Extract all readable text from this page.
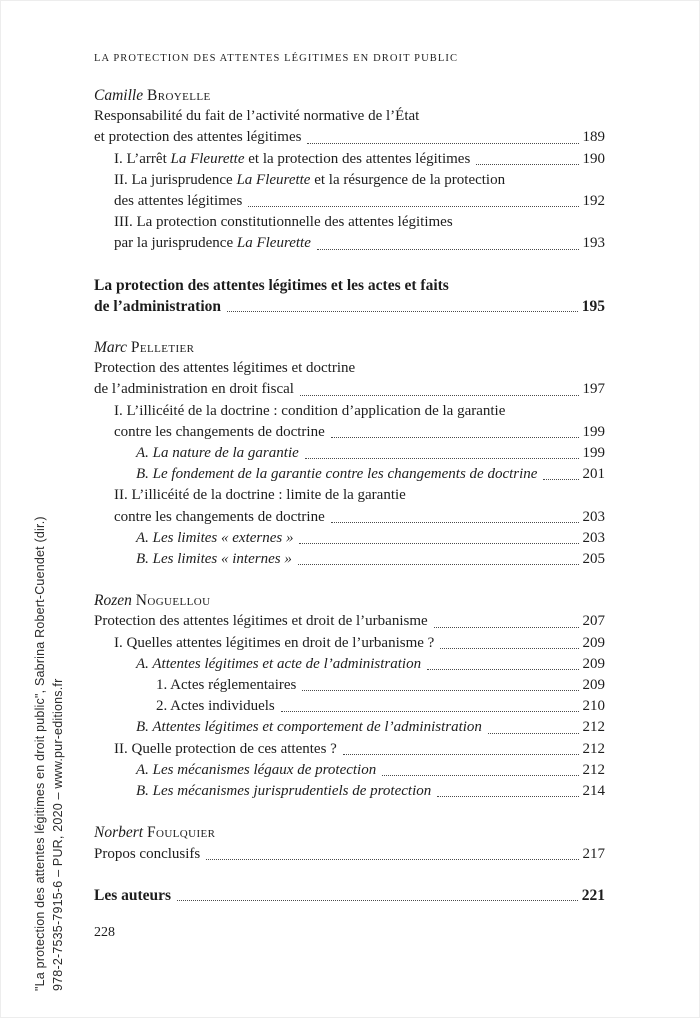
LA PROTECTION DES ATTENTES LÉGITIMES EN DROIT PUBLIC
"La protection des attentes légitimes en droit public", Sabrina Robert-Cuendet (dir.) 978-2-7535-7915-6 – PUR, 2020 – www.pur-editions.fr
Camille Broyelle
Responsabilité du fait de l’activité normative de l’État
et protection des attentes légitimes	189
I. L’arrêt La Fleurette et la protection des attentes légitimes	190
II. La jurisprudence La Fleurette et la résurgence de la protection
des attentes légitimes	192
III. La protection constitutionnelle des attentes légitimes
par la jurisprudence La Fleurette	193
La protection des attentes légitimes et les actes et faits
de l’administration	195
Marc Pelletier
Protection des attentes légitimes et doctrine
de l’administration en droit fiscal	197
I. L’illicéité de la doctrine : condition d’application de la garantie
contre les changements de doctrine	199
A. La nature de la garantie	199
B. Le fondement de la garantie contre les changements de doctrine	201
II. L’illicéité de la doctrine : limite de la garantie
contre les changements de doctrine	203
A. Les limites « externes »	203
B. Les limites « internes »	205
Rozen Noguellou
Protection des attentes légitimes et droit de l’urbanisme	207
I. Quelles attentes légitimes en droit de l’urbanisme ?	209
A. Attentes légitimes et acte de l’administration	209
1. Actes réglementaires	209
2. Actes individuels	210
B. Attentes légitimes et comportement de l’administration	212
II. Quelle protection de ces attentes ?	212
A. Les mécanismes légaux de protection	212
B. Les mécanismes jurisprudentiels de protection	214
Norbert Foulquier
Propos conclusifs	217
Les auteurs	221
228
